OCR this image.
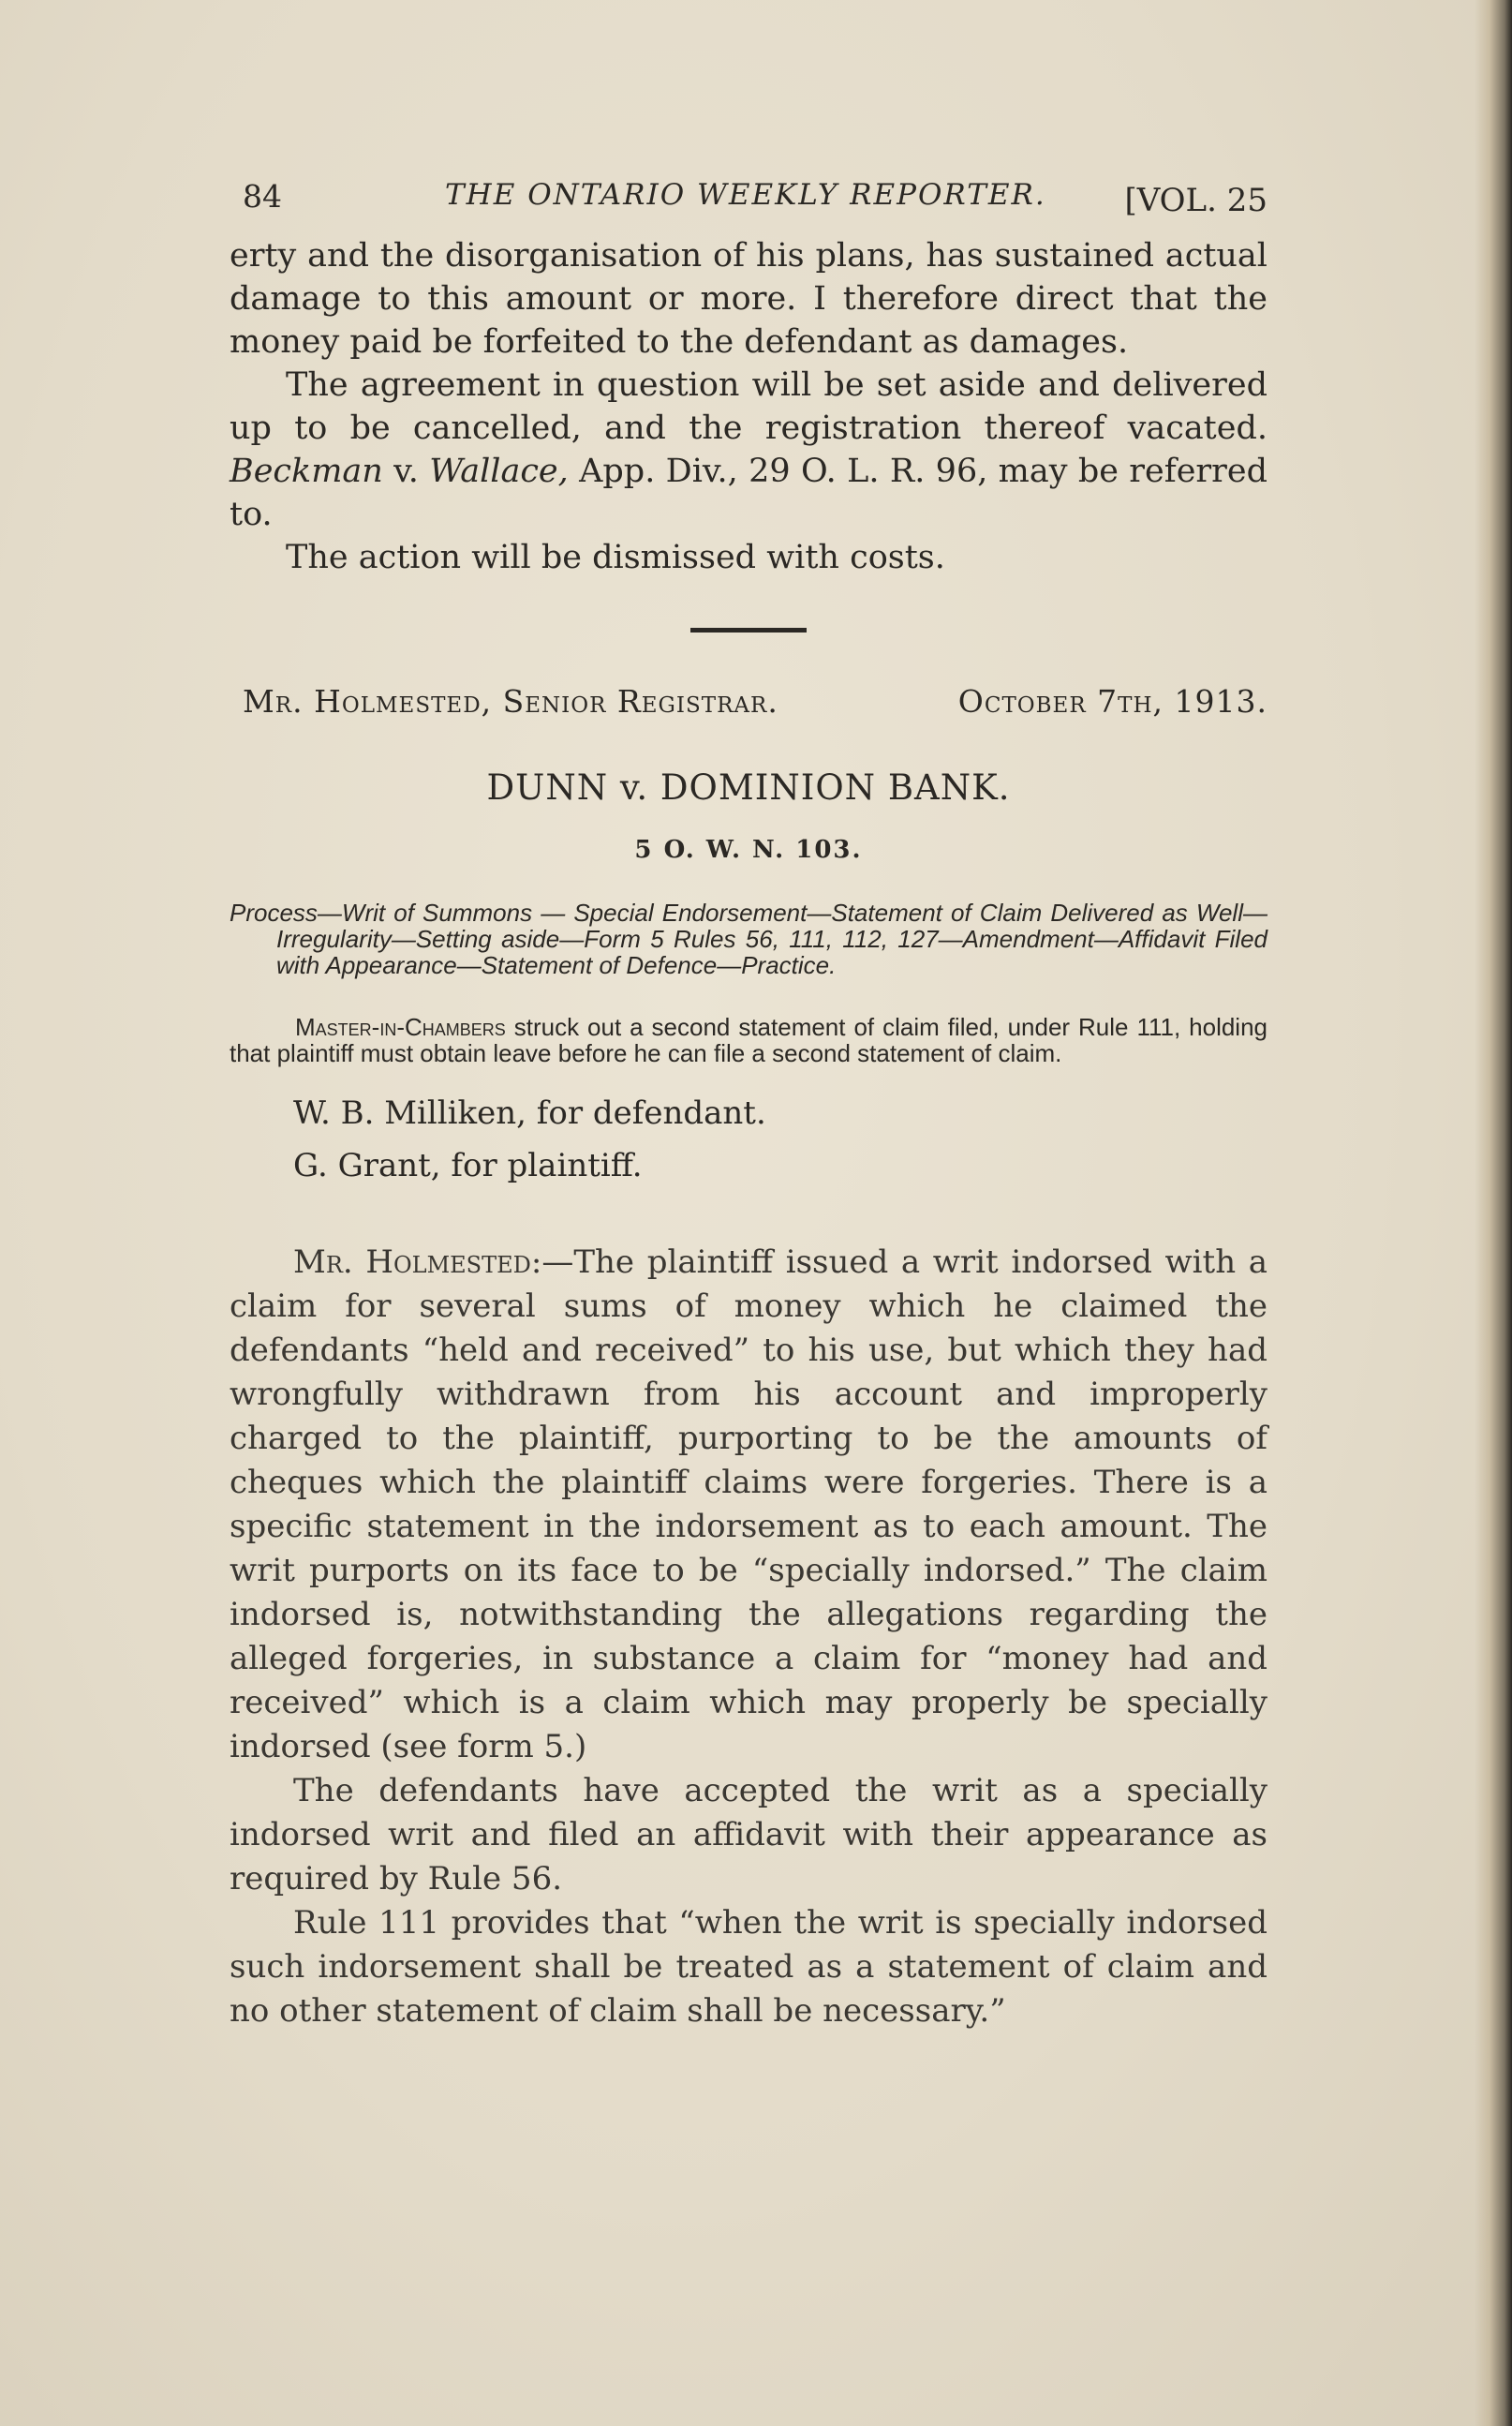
84	THE ONTARIO WEEKLY REPORTER. [VOL. 25

erty and the disorganisation of his plans, has sustained actual damage to this amount or more. I therefore direct that the money paid be forfeited to the defendant as damages.

The agreement in question will be set aside and delivered up to be cancelled, and the registration thereof vacated. Beckman v. Wallace, App. Div., 29 O. L. R. 96, may be referred to.

The action will be dismissed with costs.

Mr. Holmested, Senior Registrar.	October 7th, 1913.
DUNN v. DOMINION BANK.
5 O. W. N. 103.

Process—Writ of Summons — Special Endorsement—Statement of Claim Delivered as Well—Irregularity—Setting aside—Form 5 Rules 56, 111, 112, 127—Amendment—Affidavit Filed with Appearance—Statement of Defence—Practice.

Master-in-Chambers struck out a second statement of claim filed, under Rule 111, holding that plaintiff must obtain leave before he can file a second statement of claim.

W. B. Milliken, for defendant.
G. Grant, for plaintiff.

Mr. Holmested:—The plaintiff issued a writ indorsed with a claim for several sums of money which he claimed the defendants “held and received” to his use, but which they had wrongfully withdrawn from his account and improperly charged to the plaintiff, purporting to be the amounts of cheques which the plaintiff claims were forgeries. There is a specific statement in the indorsement as to each amount. The writ purports on its face to be “specially indorsed.” The claim indorsed is, notwithstanding the allegations regarding the alleged forgeries, in substance a claim for “money had and received” which is a claim which may properly be specially indorsed (see form 5.)

The defendants have accepted the writ as a specially indorsed writ and filed an affidavit with their appearance as required by Rule 56.

Rule 111 provides that “when the writ is specially indorsed such indorsement shall be treated as a statement of claim and no other statement of claim shall be necessary.”
